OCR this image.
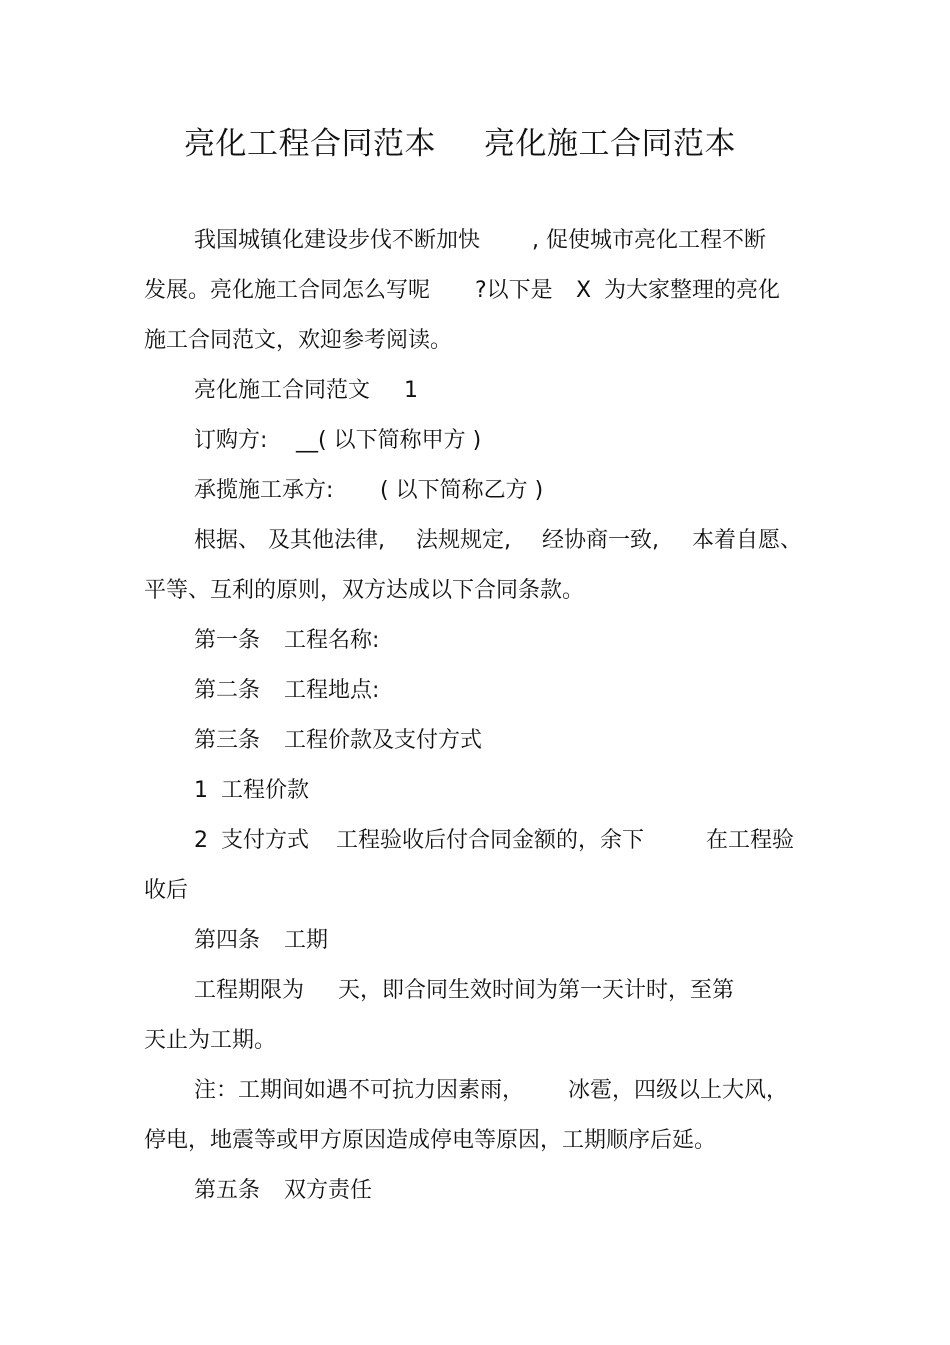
亮化工程合同范本 亮化施工合同范本
我国城镇化建设步伐不断加快 , 促使城市亮化工程不断
发展。亮化施工合同怎么写呢 ?以下是 X 为大家整理的亮化
施工合同范文，欢迎参考阅读。
亮化施工合同范文 1
订购方: __( 以下简称甲方 )
承揽施工承方: ( 以下简称乙方 )
根据、 及其他法律, 法规规定, 经协商一致, 本着自愿、
平等、互利的原则，双方达成以下合同条款。
第一条 工程名称:
第二条 工程地点:
第三条 工程价款及支付方式
1 工程价款
2 支付方式 工程验收后付合同金额的，余下	在工程验
收后
第四条 工期
工程期限为 天，即合同生效时间为第一天计时，至第
天止为工期。
注：工期间如遇不可抗力因素雨， 冰雹，四级以上大风，
停电，地震等或甲方原因造成停电等原因，工期顺序后延。
第五条 双方责任
